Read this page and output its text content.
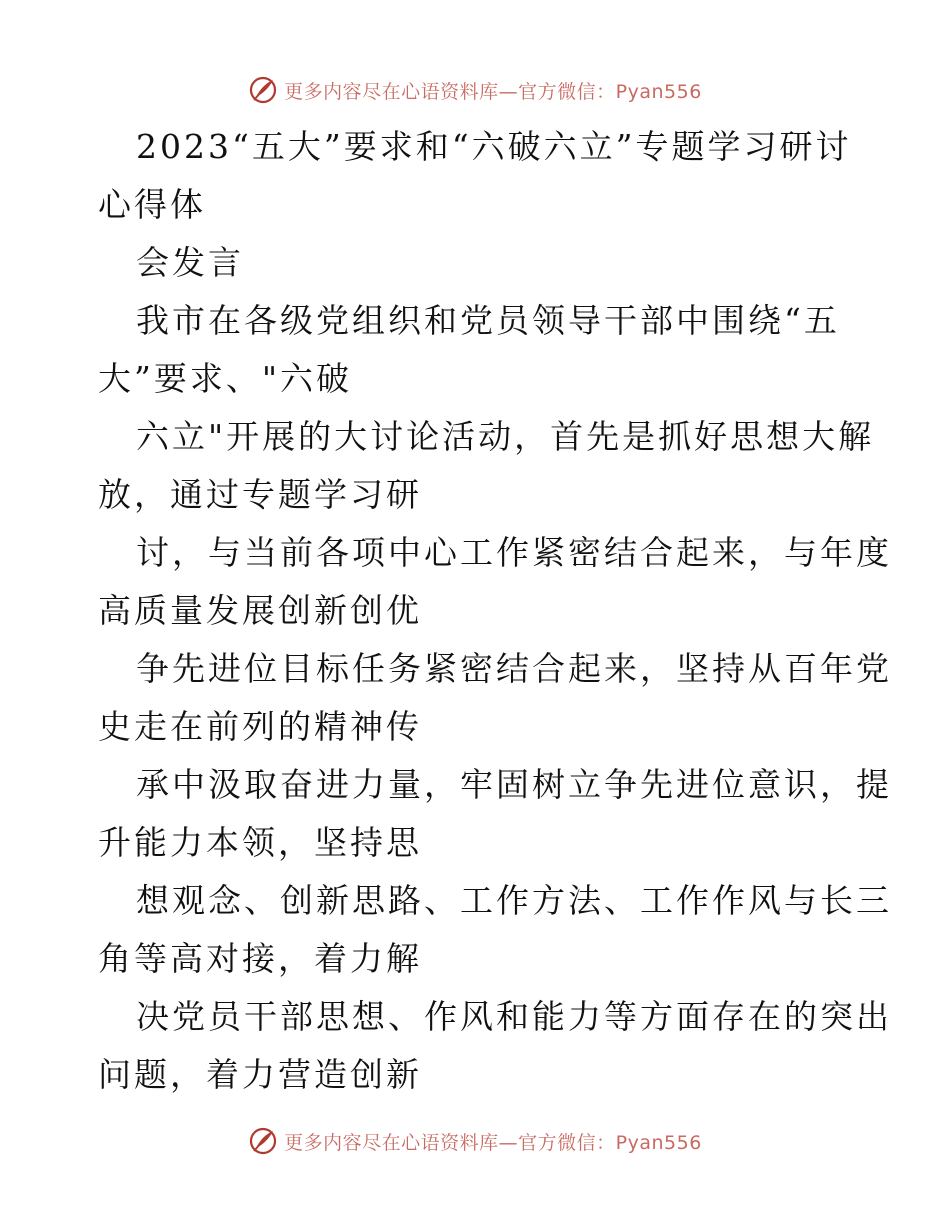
更多内容尽在心语资料库—官方微信：Pyan556

2023“五大”要求和“六破六立”专题学习研讨

心得体

会发言

我市在各级党组织和党员领导干部中围绕“五

大”要求、"六破

六立"开展的大讨论活动，首先是抓好思想大解

放，通过专题学习研

讨，与当前各项中心工作紧密结合起来，与年度

高质量发展创新创优

争先进位目标任务紧密结合起来，坚持从百年党

史走在前列的精神传

承中汲取奋进力量，牢固树立争先进位意识，提

升能力本领，坚持思

想观念、创新思路、工作方法、工作作风与长三

角等高对接，着力解

决党员干部思想、作风和能力等方面存在的突出

问题，着力营造创新

更多内容尽在心语资料库—官方微信：Pyan556
